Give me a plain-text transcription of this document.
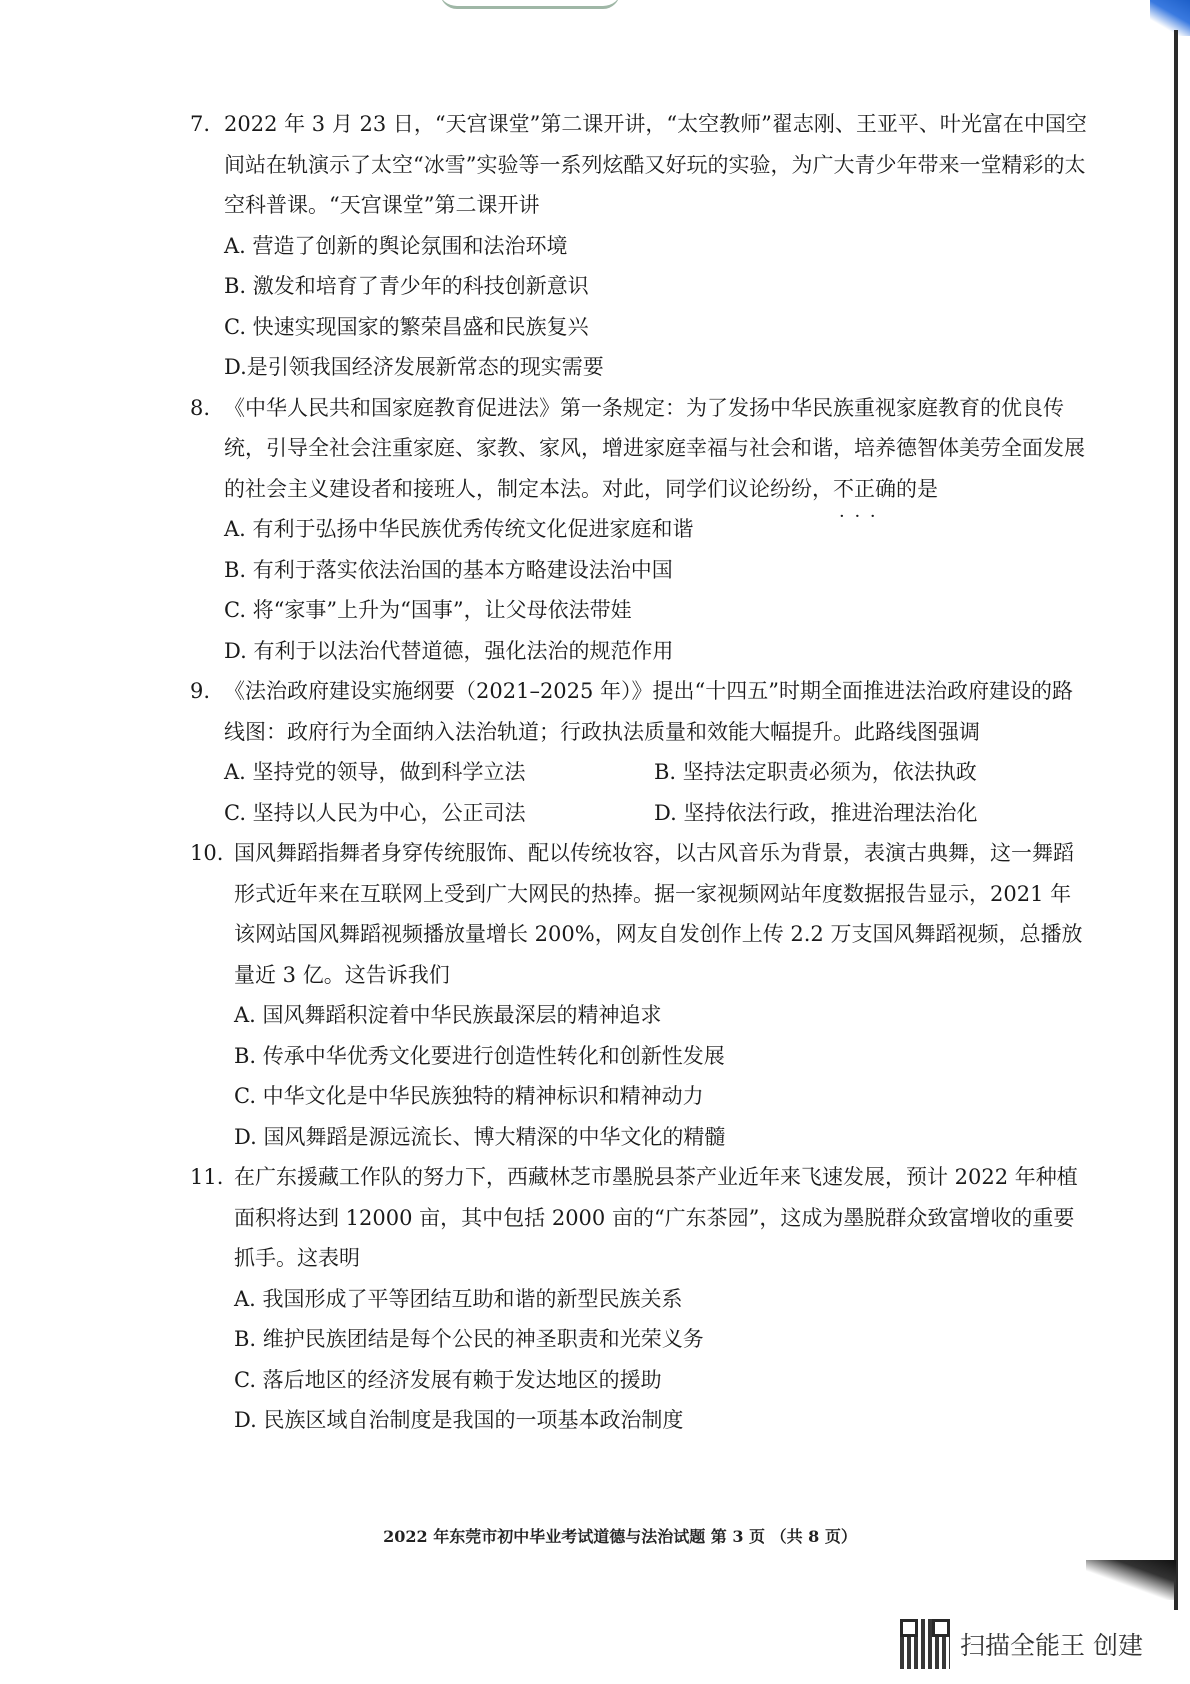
7. 2022 年 3 月 23 日，“天宫课堂”第二课开讲，“太空教师”翟志刚、王亚平、叶光富在中国空间站在轨演示了太空“冰雪”实验等一系列炫酷又好玩的实验，为广大青少年带来一堂精彩的太空科普课。“天宫课堂”第二课开讲
A. 营造了创新的舆论氛围和法治环境
B. 激发和培育了青少年的科技创新意识
C. 快速实现国家的繁荣昌盛和民族复兴
D.是引领我国经济发展新常态的现实需要
8. 《中华人民共和国家庭教育促进法》第一条规定：为了发扬中华民族重视家庭教育的优良传统，引导全社会注重家庭、家教、家风，增进家庭幸福与社会和谐，培养德智体美劳全面发展的社会主义建设者和接班人，制定本法。对此，同学们议论纷纷，不正确的是 · · ·
A. 有利于弘扬中华民族优秀传统文化促进家庭和谐
B. 有利于落实依法治国的基本方略建设法治中国
C. 将“家事”上升为“国事”，让父母依法带娃
D. 有利于以法治代替道德，强化法治的规范作用
9. 《法治政府建设实施纲要（2021–2025 年）》提出“十四五”时期全面推进法治政府建设的路线图：政府行为全面纳入法治轨道；行政执法质量和效能大幅提升。此路线图强调
A. 坚持党的领导，做到科学立法	B. 坚持法定职责必须为，依法执政
C. 坚持以人民为中心，公正司法	D. 坚持依法行政，推进治理法治化
10. 国风舞蹈指舞者身穿传统服饰、配以传统妆容，以古风音乐为背景，表演古典舞，这一舞蹈形式近年来在互联网上受到广大网民的热捧。据一家视频网站年度数据报告显示，2021 年该网站国风舞蹈视频播放量增长 200%，网友自发创作上传 2.2 万支国风舞蹈视频，总播放量近 3 亿。这告诉我们
A. 国风舞蹈积淀着中华民族最深层的精神追求
B. 传承中华优秀文化要进行创造性转化和创新性发展
C. 中华文化是中华民族独特的精神标识和精神动力
D. 国风舞蹈是源远流长、博大精深的中华文化的精髓
11. 在广东援藏工作队的努力下，西藏林芝市墨脱县茶产业近年来飞速发展，预计 2022 年种植面积将达到 12000 亩，其中包括 2000 亩的“广东茶园”，这成为墨脱群众致富增收的重要抓手。这表明
A. 我国形成了平等团结互助和谐的新型民族关系
B. 维护民族团结是每个公民的神圣职责和光荣义务
C. 落后地区的经济发展有赖于发达地区的援助
D. 民族区域自治制度是我国的一项基本政治制度
2022 年东莞市初中毕业考试道德与法治试题 第 3 页 （共 8 页）
扫描全能王 创建
